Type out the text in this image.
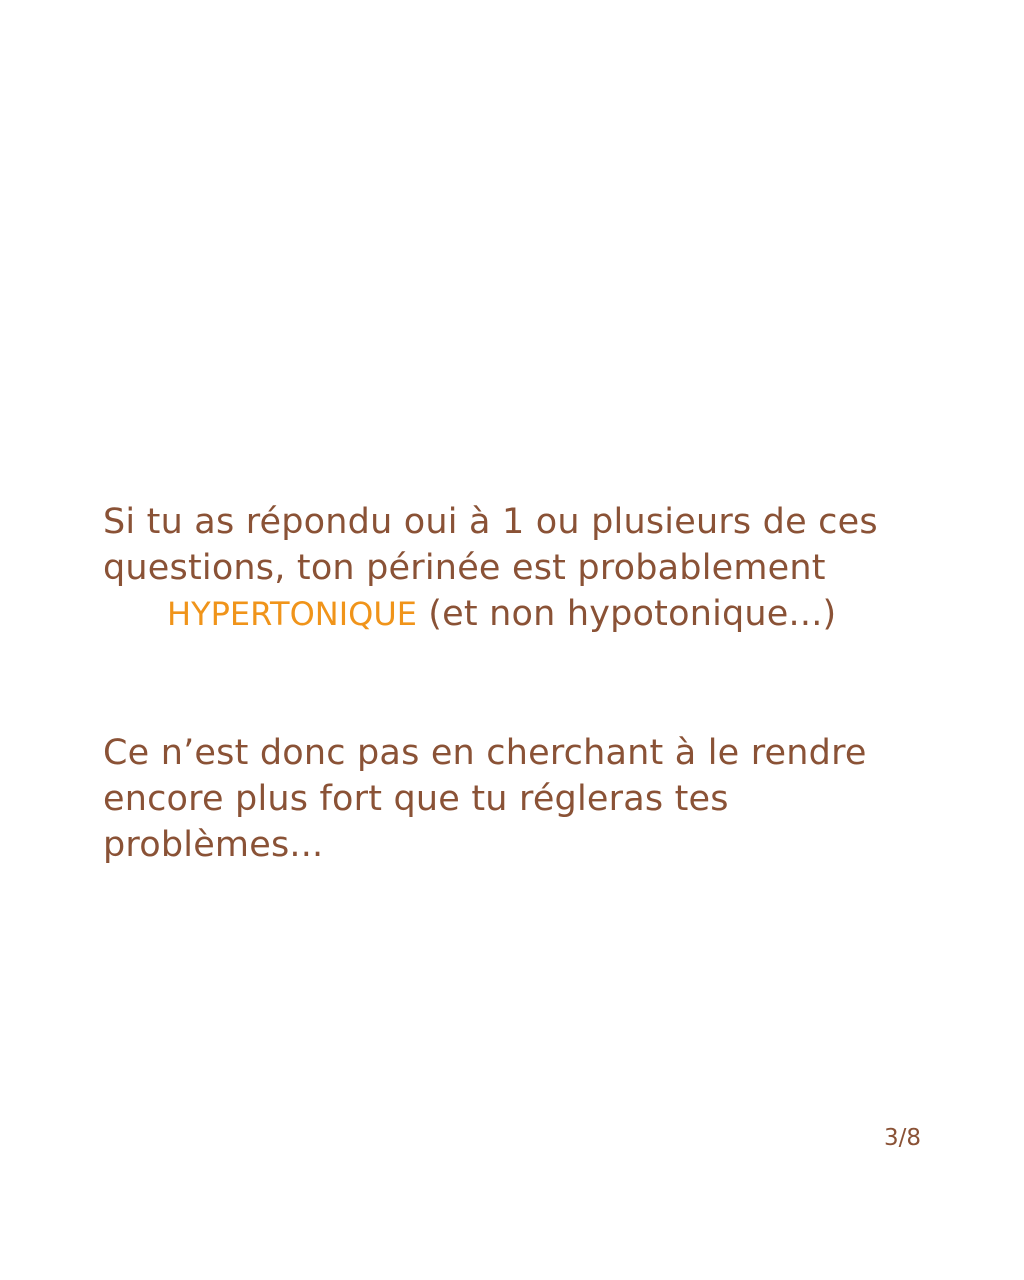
Si tu as répondu oui à 1 ou plusieurs de ces
questions, ton périnée est probablement
HYPERTONIQUE (et non hypotonique...)
Ce n’est donc pas en cherchant à le rendre
encore plus fort que tu régleras tes
problèmes...
3/8
